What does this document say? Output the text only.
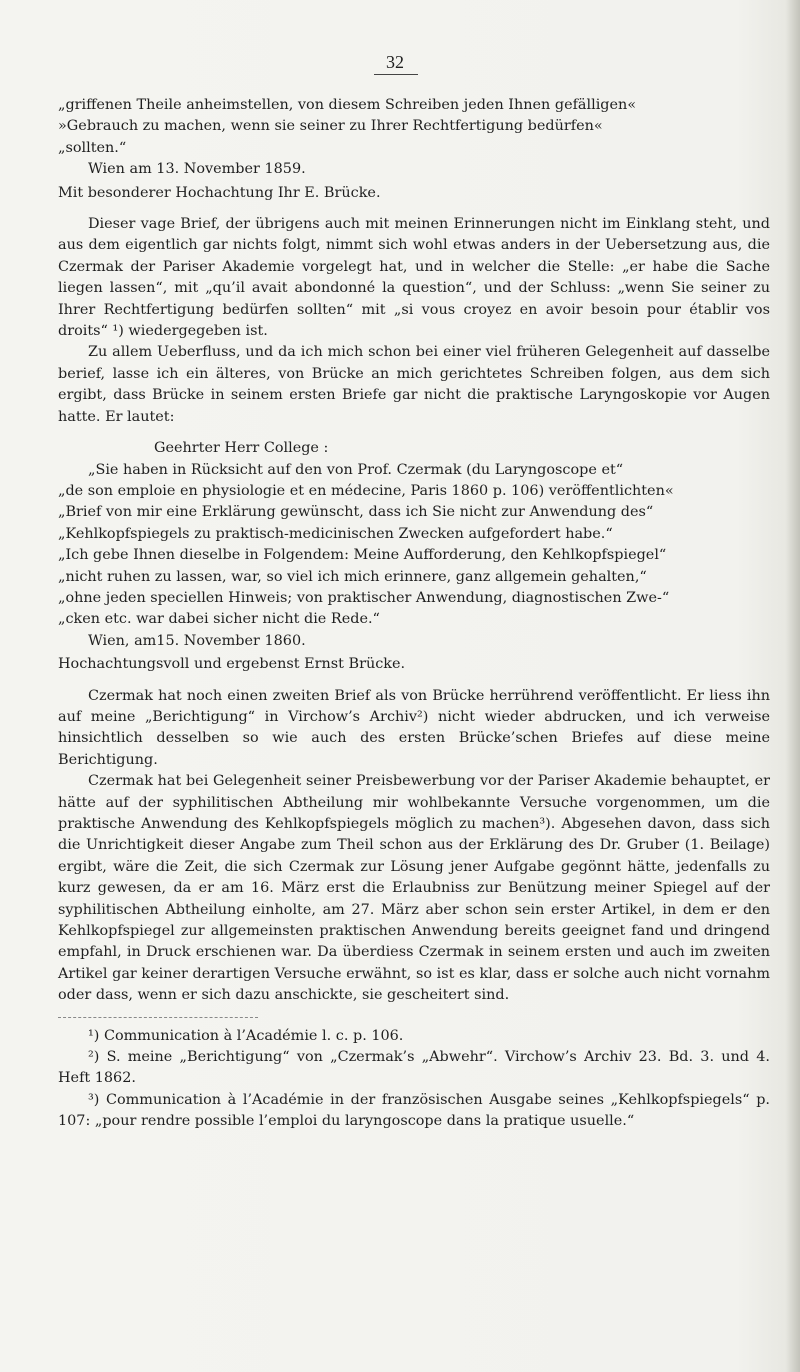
32

„griffenen Theile anheimstellen, von diesem Schreiben jeden Ihnen gefälligen«

»Gebrauch zu machen, wenn sie seiner zu Ihrer Rechtfertigung bedürfen«

„sollten.“

Wien am 13. November 1859.

Mit besonderer Hochachtung Ihr E. Brücke.

Dieser vage Brief, der übrigens auch mit meinen Erinnerungen nicht im Einklang steht, und aus dem eigentlich gar nichts folgt, nimmt sich wohl etwas anders in der Uebersetzung aus, die Czermak der Pariser Akademie vorgelegt hat, und in welcher die Stelle: „er habe die Sache liegen lassen“, mit „qu’il avait abondonné la question“, und der Schluss: „wenn Sie seiner zu Ihrer Rechtfertigung bedürfen sollten“ mit „si vous croyez en avoir besoin pour établir vos droits“ ¹) wiedergegeben ist.

Zu allem Ueberfluss, und da ich mich schon bei einer viel früheren Gelegenheit auf dasselbe berief, lasse ich ein älteres, von Brücke an mich gerichtetes Schreiben folgen, aus dem sich ergibt, dass Brücke in seinem ersten Briefe gar nicht die praktische Laryngoskopie vor Augen hatte. Er lautet:

Geehrter Herr College :

„Sie haben in Rücksicht auf den von Prof. Czermak (du Laryngoscope et“

„de son emploie en physiologie et en médecine, Paris 1860 p. 106) veröffentlichten«

„Brief von mir eine Erklärung gewünscht, dass ich Sie nicht zur Anwendung des“

„Kehlkopfspiegels zu praktisch-medicinischen Zwecken aufgefordert habe.“

„Ich gebe Ihnen dieselbe in Folgendem: Meine Aufforderung, den Kehlkopfspiegel“

„nicht ruhen zu lassen, war, so viel ich mich erinnere, ganz allgemein gehalten,“

„ohne jeden speciellen Hinweis; von praktischer Anwendung, diagnostischen Zwe-“

„cken etc. war dabei sicher nicht die Rede.“

Wien, am15. November 1860.

Hochachtungsvoll und ergebenst Ernst Brücke.

Czermak hat noch einen zweiten Brief als von Brücke herrührend veröffentlicht. Er liess ihn auf meine „Berichtigung“ in Virchow’s Archiv²) nicht wieder abdrucken, und ich verweise hinsichtlich desselben so wie auch des ersten Brücke’schen Briefes auf diese meine Berichtigung.

Czermak hat bei Gelegenheit seiner Preisbewerbung vor der Pariser Akademie behauptet, er hätte auf der syphilitischen Abtheilung mir wohlbekannte Versuche vorgenommen, um die praktische Anwendung des Kehlkopfspiegels möglich zu machen³). Abgesehen davon, dass sich die Unrichtigkeit dieser Angabe zum Theil schon aus der Erklärung des Dr. Gruber (1. Beilage) ergibt, wäre die Zeit, die sich Czermak zur Lösung jener Aufgabe gegönnt hätte, jedenfalls zu kurz gewesen, da er am 16. März erst die Erlaubniss zur Benützung meiner Spiegel auf der syphilitischen Abtheilung einholte, am 27. März aber schon sein erster Artikel, in dem er den Kehlkopfspiegel zur allgemeinsten praktischen Anwendung bereits geeignet fand und dringend empfahl, in Druck erschienen war. Da überdiess Czermak in seinem ersten und auch im zweiten Artikel gar keiner derartigen Versuche erwähnt, so ist es klar, dass er solche auch nicht vornahm oder dass, wenn er sich dazu anschickte, sie gescheitert sind.

¹) Communication à l’Académie l. c. p. 106.

²) S. meine „Berichtigung“ von „Czermak’s „Abwehr“. Virchow’s Archiv 23. Bd. 3. und 4. Heft 1862.

³) Communication à l’Académie in der französischen Ausgabe seines „Kehlkopfspiegels“ p. 107: „pour rendre possible l’emploi du laryngoscope dans la pratique usuelle.“
